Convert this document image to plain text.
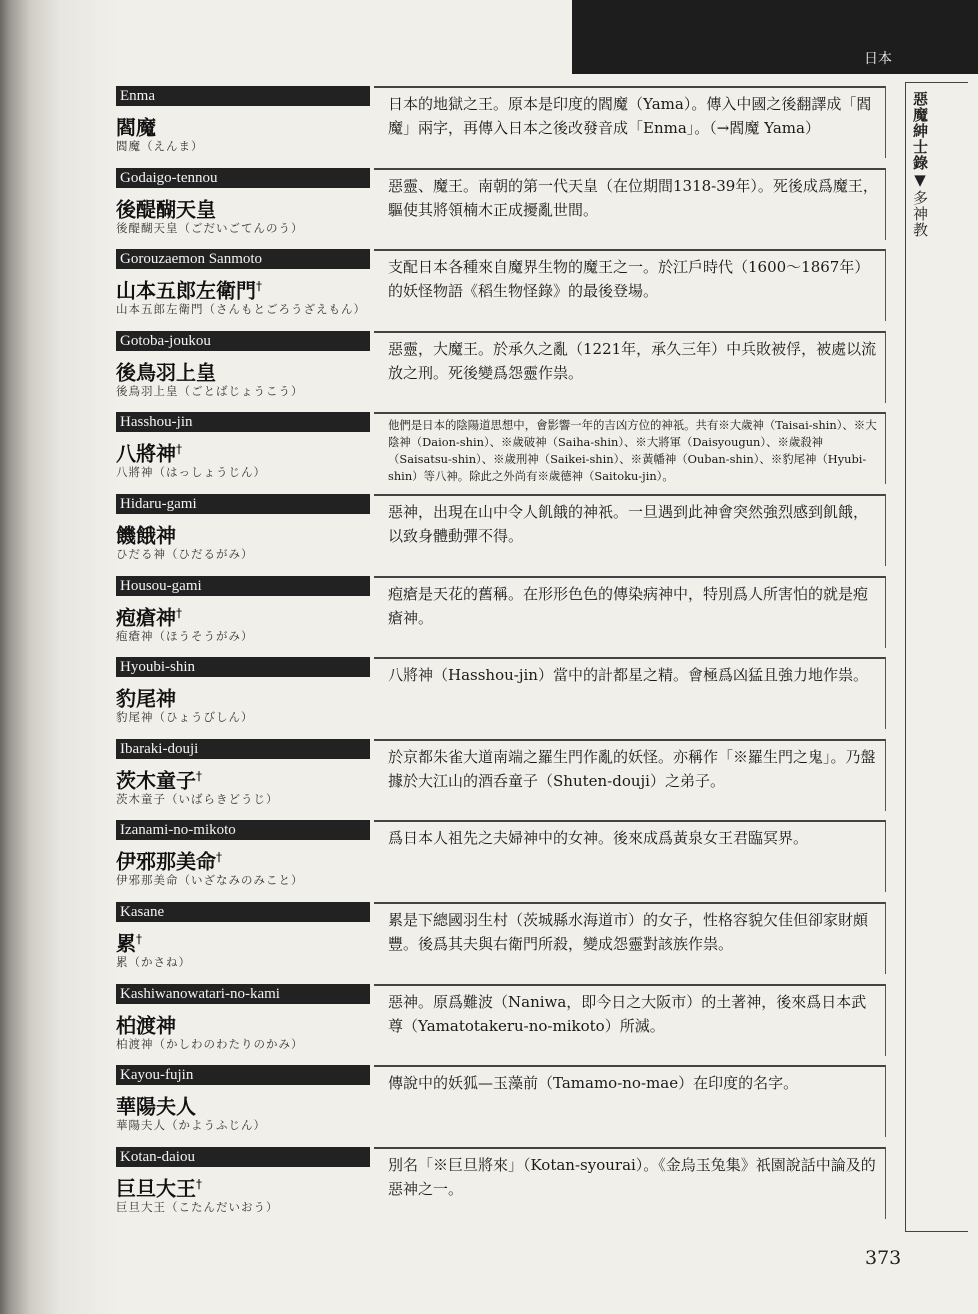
日本
惡魔紳士錄▼多神教
Enma
閻魔
閻魔（えんま）
日本的地獄之王。原本是印度的閻魔（Yama）。傳入中國之後翻譯成「閻魔」兩字，再傳入日本之後改發音成「Enma」。（→閻魔 Yama）
Godaigo-tennou
後醍醐天皇
後醍醐天皇（ごだいごてんのう）
惡靈、魔王。南朝的第一代天皇（在位期間1318-39年）。死後成爲魔王，驅使其將領楠木正成擾亂世間。
Gorouzaemon Sanmoto
山本五郎左衛門†
山本五郎左衛門（さんもとごろうざえもん）
支配日本各種來自魔界生物的魔王之一。於江戶時代（1600～1867年）的妖怪物語《稻生物怪錄》的最後登場。
Gotoba-joukou
後鳥羽上皇
後鳥羽上皇（ごとばじょうこう）
惡靈，大魔王。於承久之亂（1221年，承久三年）中兵敗被俘，被處以流放之刑。死後變爲怨靈作祟。
Hasshou-jin
八將神†
八將神（はっしょうじん）
他們是日本的陰陽道思想中，會影響一年的吉凶方位的神祇。共有※大歲神（Taisai-shin）、※大陰神（Daion-shin）、※歲破神（Saiha-shin）、※大將軍（Daisyougun）、※歲殺神（Saisatsu-shin）、※歲刑神（Saikei-shin）、※黃幡神（Ouban-shin）、※豹尾神（Hyubi-shin）等八神。除此之外尚有※歲德神（Saitoku-jin）。
Hidaru-gami
饑餓神
ひだる神（ひだるがみ）
惡神，出現在山中令人飢餓的神祇。一旦遇到此神會突然強烈感到飢餓，以致身體動彈不得。
Housou-gami
疱瘡神†
疱瘡神（ほうそうがみ）
疱瘡是天花的舊稱。在形形色色的傳染病神中，特別爲人所害怕的就是疱瘡神。
Hyoubi-shin
豹尾神
豹尾神（ひょうびしん）
八將神（Hasshou-jin）當中的計都星之精。會極爲凶猛且強力地作祟。
Ibaraki-douji
茨木童子†
茨木童子（いばらきどうじ）
於京都朱雀大道南端之羅生門作亂的妖怪。亦稱作「※羅生門之鬼」。乃盤據於大江山的酒呑童子（Shuten-douji）之弟子。
Izanami-no-mikoto
伊邪那美命†
伊邪那美命（いざなみのみこと）
爲日本人祖先之夫婦神中的女神。後來成爲黃泉女王君臨冥界。
Kasane
累†
累（かさね）
累是下總國羽生村（茨城縣水海道市）的女子，性格容貌欠佳但卻家財頗豐。後爲其夫與右衛門所殺，變成怨靈對該族作祟。
Kashiwanowatari-no-kami
柏渡神
柏渡神（かしわのわたりのかみ）
惡神。原爲難波（Naniwa，即今日之大阪市）的土著神，後來爲日本武尊（Yamatotakeru-no-mikoto）所滅。
Kayou-fujin
華陽夫人
華陽夫人（かようふじん）
傳說中的妖狐—玉藻前（Tamamo-no-mae）在印度的名字。
Kotan-daiou
巨旦大王†
巨旦大王（こたんだいおう）
別名「※巨旦將來」（Kotan-syourai）。《金烏玉兔集》祇園說話中論及的惡神之一。
373
